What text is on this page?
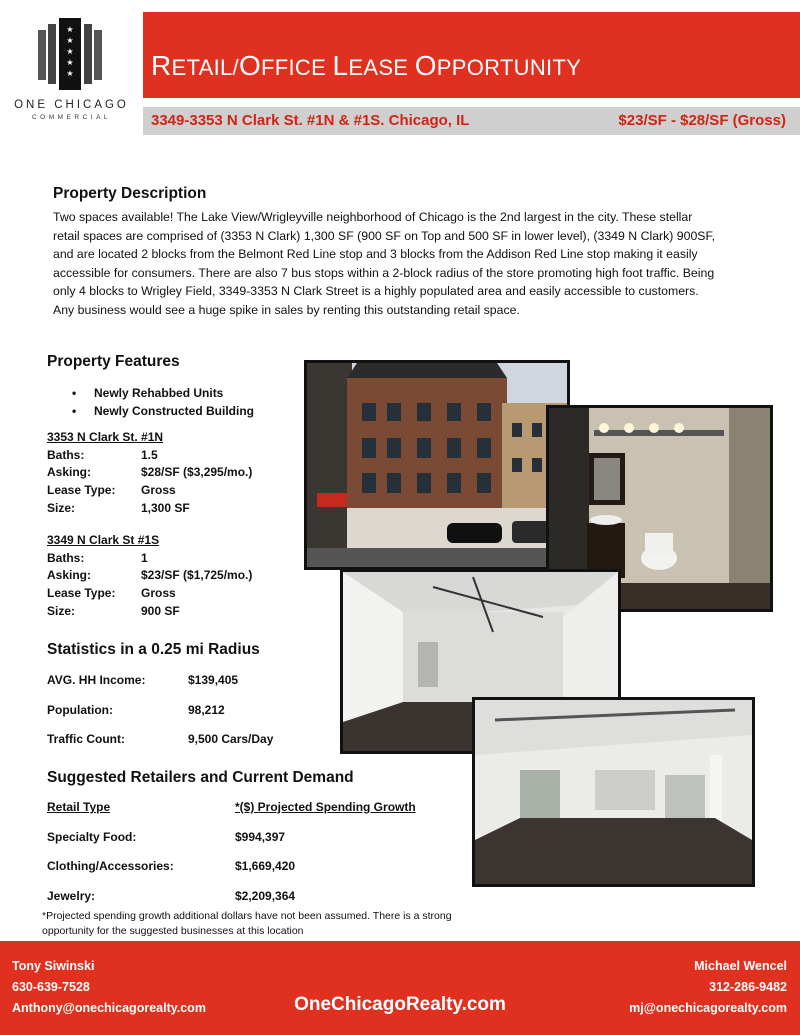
★
★
★
★
★
ONE CHICAGO
COMMERCIAL
RETAIL/OFFICE LEASE OPPORTUNITY
3349-3353 N Clark St. #1N & #1S. Chicago, IL	$23/SF - $28/SF (Gross)
Property Description
Two spaces available! The Lake View/Wrigleyville neighborhood of Chicago is the 2nd largest in the city. These stellar retail spaces are comprised of (3353 N Clark) 1,300 SF (900 SF on Top and 500 SF in lower level), (3349 N Clark) 900SF, and are located 2 blocks from the Belmont Red Line stop and 3 blocks from the Addison Red Line stop making it easily accessible for consumers. There are also 7 bus stops within a 2-block radius of the store promoting high foot traffic. Being only 4 blocks to Wrigley Field, 3349-3353 N Clark Street is a highly populated area and easily accessible to customers. Any business would see a huge spike in sales by renting this outstanding retail space.
Property Features
• Newly Rehabbed Units
• Newly Constructed Building
3353 N Clark St. #1N
Baths:	1.5
Asking:	$28/SF ($3,295/mo.)
Lease Type:	Gross
Size:	1,300 SF
3349 N Clark St #1S
Baths:	1
Asking:	$23/SF ($1,725/mo.)
Lease Type:	Gross
Size:	900 SF
Statistics in a 0.25 mi Radius
AVG. HH Income:	$139,405
Population:	98,212
Traffic Count:	9,500 Cars/Day
Suggested Retailers and Current Demand
Retail Type	*($) Projected Spending Growth
Specialty Food:	$994,397
Clothing/Accessories:	$1,669,420
Jewelry:	$2,209,364
*Projected spending growth additional dollars have not been assumed. There is a strong opportunity for the suggested businesses at this location
Tony Siwinski
630-639-7528
Anthony@onechicagorealty.com	OneChicagoRealty.com
Michael Wencel
312-286-9482
mj@onechicagorealty.com
